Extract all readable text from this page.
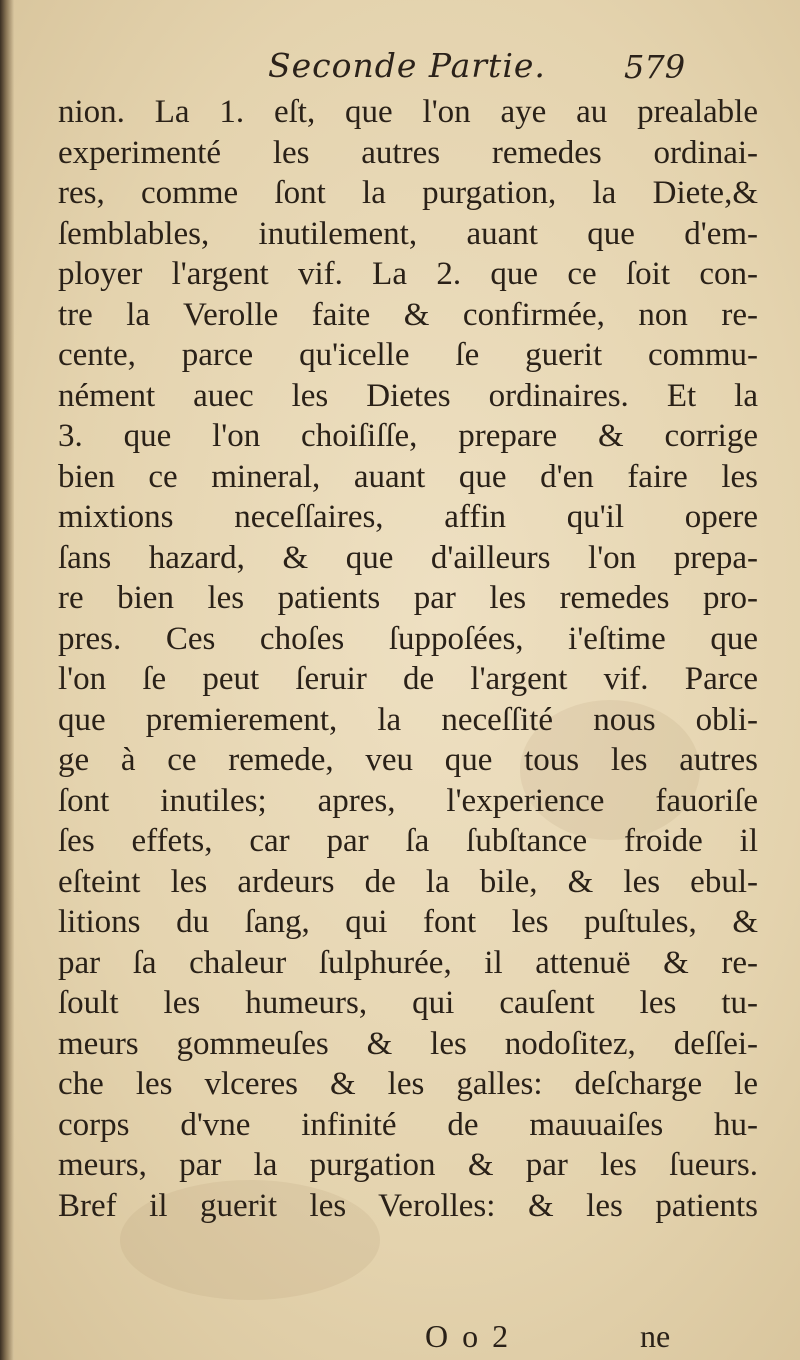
Seconde Partie. 579
nion. La 1. eſt, que l'on aye au prealable
experimenté les autres remedes ordinai-
res, comme ſont la purgation, la Diete,&
ſemblables, inutilement, auant que d'em-
ployer l'argent vif. La 2. que ce ſoit con-
tre la Verolle faite & confirmée, non re-
cente, parce qu'icelle ſe guerit commu-
nément auec les Dietes ordinaires. Et la
3. que l'on choiſiſſe, prepare & corrige
bien ce mineral, auant que d'en faire les
mixtions neceſſaires, affin qu'il opere
ſans hazard, & que d'ailleurs l'on prepa-
re bien les patients par les remedes pro-
pres. Ces choſes ſuppoſées, i'eſtime que
l'on ſe peut ſeruir de l'argent vif. Parce
que premierement, la neceſſité nous obli-
ge à ce remede, veu que tous les autres
ſont inutiles; apres, l'experience fauoriſe
ſes effets, car par ſa ſubſtance froide il
eſteint les ardeurs de la bile, & les ebul-
litions du ſang, qui font les puſtules, &
par ſa chaleur ſulphurée, il attenuë & re-
ſoult les humeurs, qui cauſent les tu-
meurs gommeuſes & les nodoſitez, deſſei-
che les vlceres & les galles: deſcharge le
corps d'vne infinité de mauuaiſes hu-
meurs, par la purgation & par les ſueurs.
Bref il guerit les Verolles: & les patients
O o 2	ne
